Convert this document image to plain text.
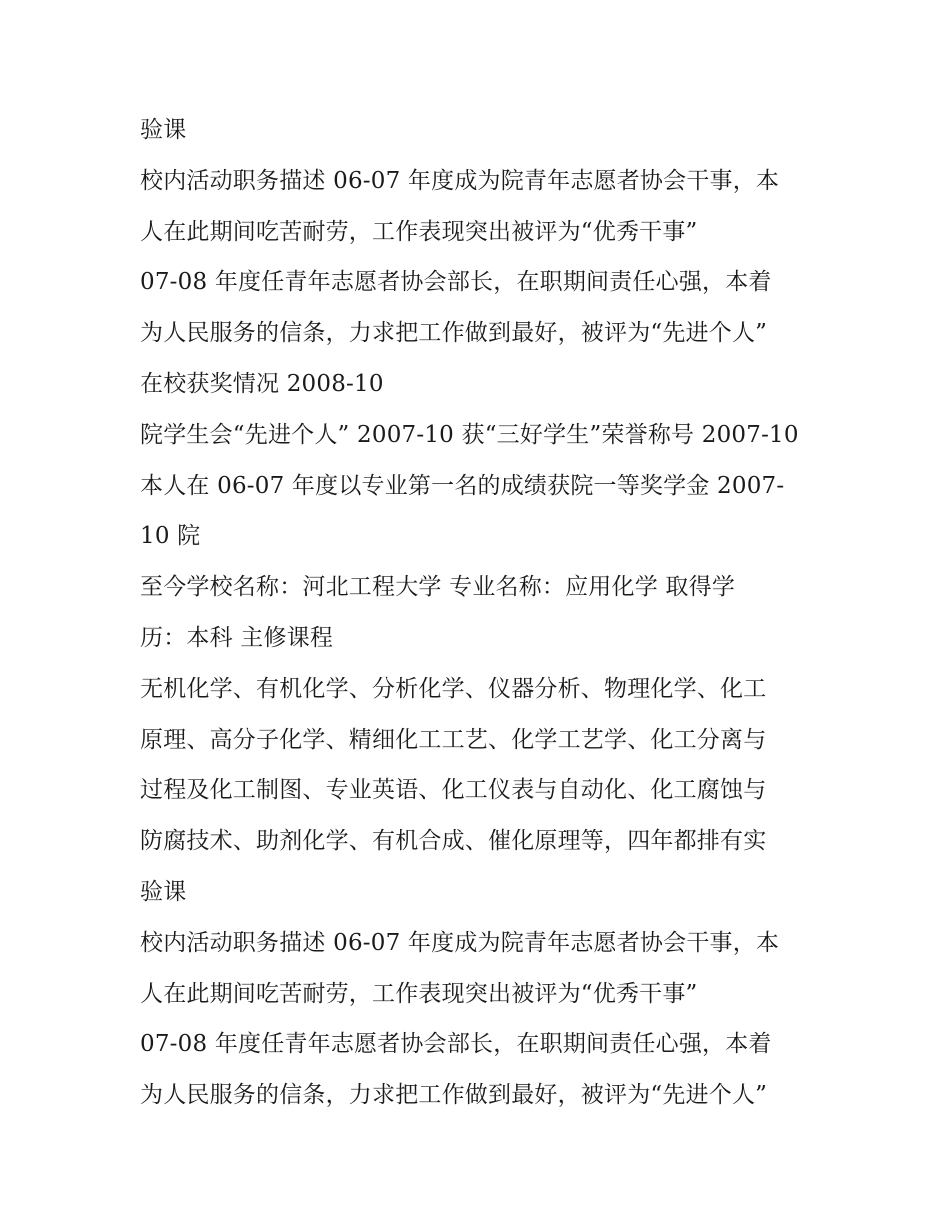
验课
校内活动职务描述 06-07 年度成为院青年志愿者协会干事，本
人在此期间吃苦耐劳，工作表现突出被评为“优秀干事”
07-08 年度任青年志愿者协会部长，在职期间责任心强，本着
为人民服务的信条，力求把工作做到最好，被评为“先进个人”
在校获奖情况 2008-10
院学生会“先进个人” 2007-10 获“三好学生”荣誉称号 2007-10
本人在 06-07 年度以专业第一名的成绩获院一等奖学金 2007-
10 院
至今学校名称：河北工程大学 专业名称：应用化学 取得学
历：本科 主修课程
无机化学、有机化学、分析化学、仪器分析、物理化学、化工
原理、高分子化学、精细化工工艺、化学工艺学、化工分离与
过程及化工制图、专业英语、化工仪表与自动化、化工腐蚀与
防腐技术、助剂化学、有机合成、催化原理等，四年都排有实
验课
校内活动职务描述 06-07 年度成为院青年志愿者协会干事，本
人在此期间吃苦耐劳，工作表现突出被评为“优秀干事”
07-08 年度任青年志愿者协会部长，在职期间责任心强，本着
为人民服务的信条，力求把工作做到最好，被评为“先进个人”
